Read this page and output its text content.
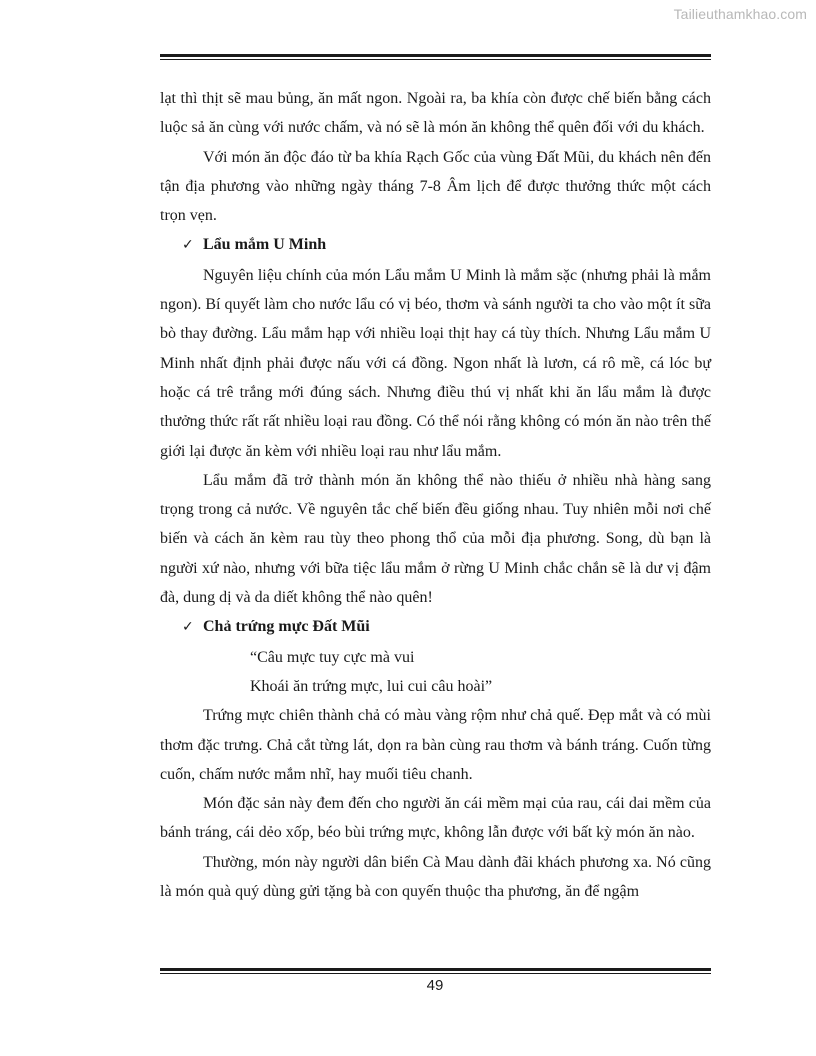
Tailieuthamkhao.com

lạt thì thịt sẽ mau bủng, ăn mất ngon. Ngoài ra, ba khía còn được chế biến bằng cách luộc sả ăn cùng với nước chấm, và nó sẽ là món ăn không thể quên đối với du khách.

Với món ăn độc đáo từ ba khía Rạch Gốc của vùng Đất Mũi, du khách nên đến tận địa phương vào những ngày tháng 7-8 Âm lịch để được thưởng thức một cách trọn vẹn.

✓ Lẩu mắm U Minh

Nguyên liệu chính của món Lẩu mắm U Minh là mắm sặc (nhưng phải là mắm ngon). Bí quyết làm cho nước lẩu có vị béo, thơm và sánh người ta cho vào một ít sữa bò thay đường. Lẩu mắm hạp với nhiều loại thịt hay cá tùy thích. Nhưng Lẩu mắm U Minh nhất định phải được nấu với cá đồng. Ngon nhất là lươn, cá rô mề, cá lóc bự hoặc cá trê trắng mới đúng sách. Nhưng điều thú vị nhất khi ăn lẩu mắm là được thưởng thức rất rất nhiều loại rau đồng. Có thể nói rằng không có món ăn nào trên thế giới lại được ăn kèm với nhiều loại rau như lẩu mắm.

Lẩu mắm đã trở thành món ăn không thể nào thiếu ở nhiều nhà hàng sang trọng trong cả nước. Về nguyên tắc chế biến đều giống nhau. Tuy nhiên mỗi nơi chế biến và cách ăn kèm rau tùy theo phong thổ của mỗi địa phương. Song, dù bạn là người xứ nào, nhưng với bữa tiệc lẩu mắm ở rừng U Minh chắc chắn sẽ là dư vị đậm đà, dung dị và da diết không thể nào quên!

✓ Chả trứng mực Đất Mũi

“Câu mực tuy cực mà vui

Khoái ăn trứng mực, lui cui câu hoài”

Trứng mực chiên thành chả có màu vàng rộm như chả quế. Đẹp mắt và có mùi thơm đặc trưng. Chả cắt từng lát, dọn ra bàn cùng rau thơm và bánh tráng. Cuốn từng cuốn, chấm nước mắm nhĩ, hay muối tiêu chanh.

Món đặc sản này đem đến cho người ăn cái mềm mại của rau, cái dai mềm của bánh tráng, cái dẻo xốp, béo bùi trứng mực, không lẫn được với bất kỳ món ăn nào.

Thường, món này người dân biển Cà Mau dành đãi khách phương xa. Nó cũng là món quà quý dùng gửi tặng bà con quyến thuộc tha phương, ăn để ngậm

49
